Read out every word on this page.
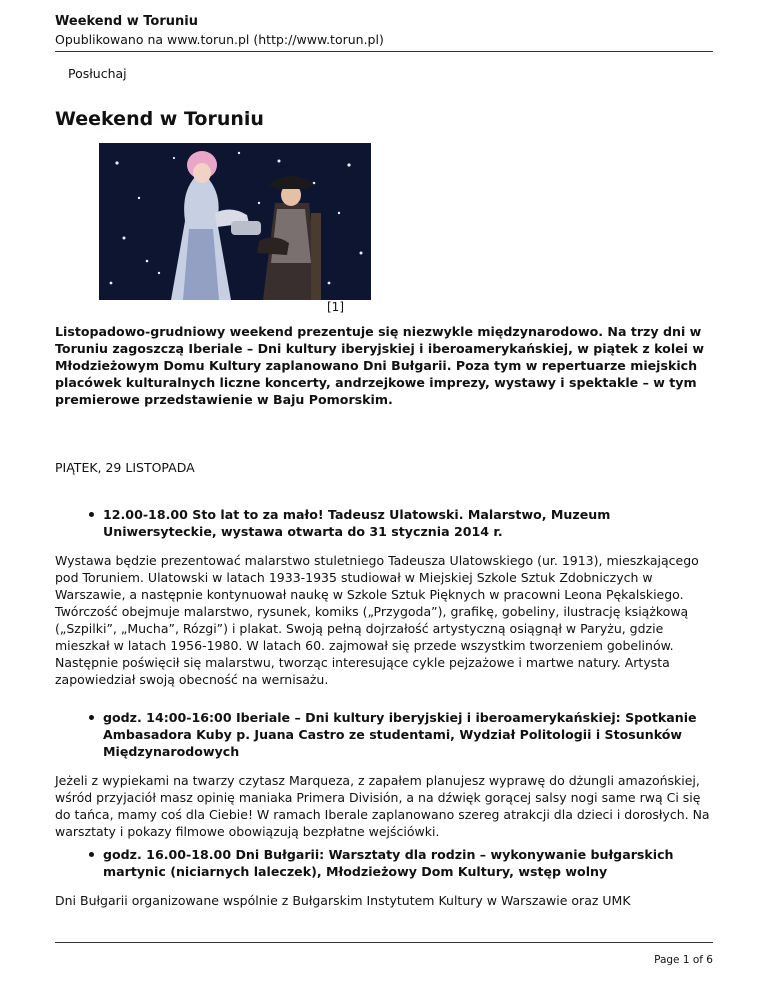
Weekend w Toruniu
Opublikowano na www.torun.pl (http://www.torun.pl)
Posłuchaj
Weekend w Toruniu
[1]

Listopadowo-grudniowy weekend prezentuje się niezwykle międzynarodowo. Na trzy dni w Toruniu zagoszczą Iberiale – Dni kultury iberyjskiej i iberoamerykańskiej, w piątek z kolei w Młodzieżowym Domu Kultury zaplanowano Dni Bułgarii. Poza tym w repertuarze miejskich placówek kulturalnych liczne koncerty, andrzejkowe imprezy, wystawy i spektakle – w tym premierowe przedstawienie w Baju Pomorskim.

PIĄTEK, 29 LISTOPADA

12.00-18.00 Sto lat to za mało! Tadeusz Ulatowski. Malarstwo, Muzeum Uniwersyteckie, wystawa otwarta do 31 stycznia 2014 r.

Wystawa będzie prezentować malarstwo stuletniego Tadeusza Ulatowskiego (ur. 1913), mieszkającego pod Toruniem. Ulatowski w latach 1933-1935 studiował w Miejskiej Szkole Sztuk Zdobniczych w Warszawie, a następnie kontynuował naukę w Szkole Sztuk Pięknych w pracowni Leona Pękalskiego. Twórczość obejmuje malarstwo, rysunek, komiks („Przygoda”), grafikę, gobeliny, ilustrację książkową („Szpilki”, „Mucha”, Rózgi”) i plakat. Swoją pełną dojrzałość artystyczną osiągnął w Paryżu, gdzie mieszkał w latach 1956-1980. W latach 60. zajmował się przede wszystkim tworzeniem gobelinów. Następnie poświęcił się malarstwu, tworząc interesujące cykle pejzażowe i martwe natury. Artysta zapowiedział swoją obecność na wernisażu.

godz. 14:00-16:00 Iberiale – Dni kultury iberyjskiej i iberoamerykańskiej: Spotkanie Ambasadora Kuby p. Juana Castro ze studentami, Wydział Politologii i Stosunków Międzynarodowych

Jeżeli z wypiekami na twarzy czytasz Marqueza, z zapałem planujesz wyprawę do dżungli amazońskiej, wśród przyjaciół masz opinię maniaka Primera División, a na dźwięk gorącej salsy nogi same rwą Ci się do tańca, mamy coś dla Ciebie! W ramach Iberale zaplanowano szereg atrakcji dla dzieci i dorosłych. Na warsztaty i pokazy filmowe obowiązują bezpłatne wejściówki.

godz. 16.00-18.00 Dni Bułgarii: Warsztaty dla rodzin – wykonywanie bułgarskich martynic (niciarnych laleczek), Młodzieżowy Dom Kultury, wstęp wolny

Dni Bułgarii organizowane wspólnie z Bułgarskim Instytutem Kultury w Warszawie oraz UMK

Page 1 of 6
